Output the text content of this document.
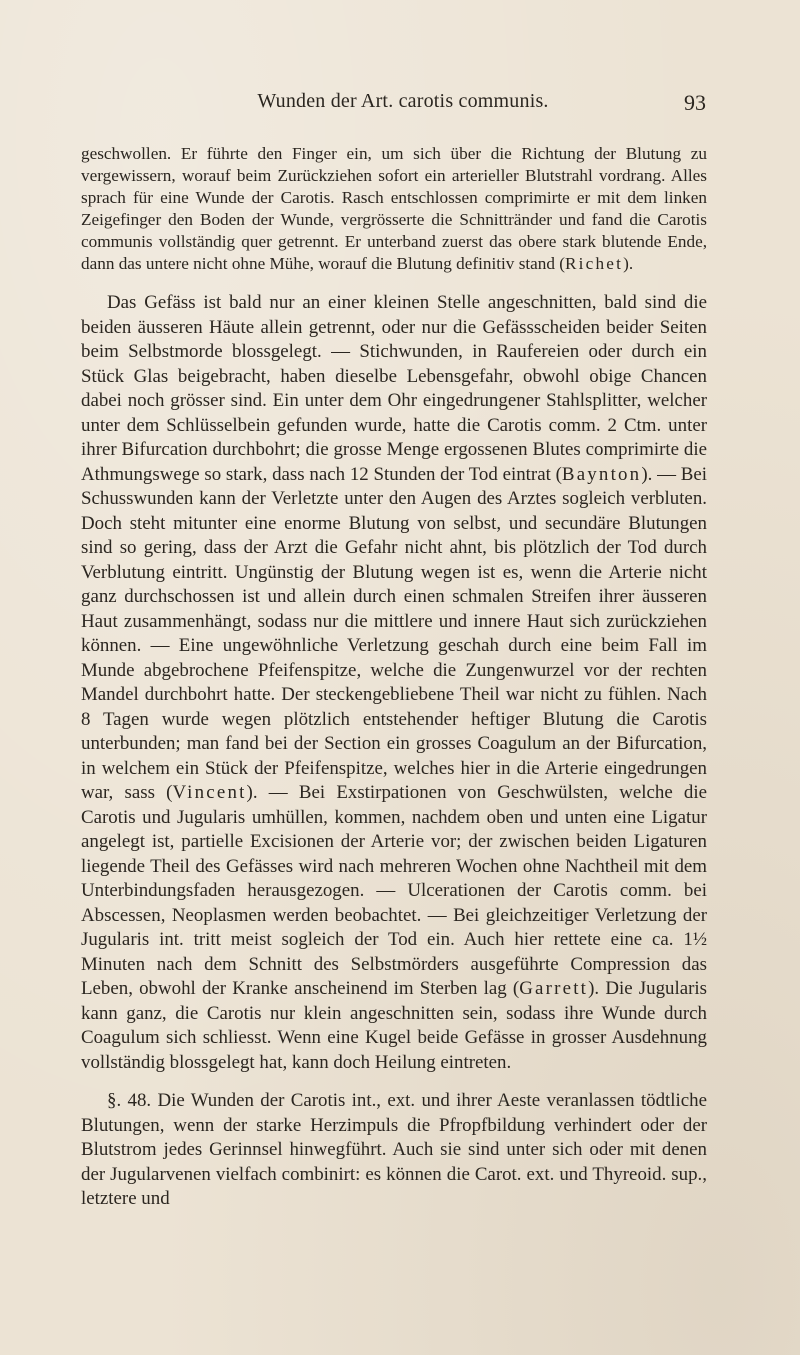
Wunden der Art. carotis communis.	93

geschwollen. Er führte den Finger ein, um sich über die Richtung der Blutung zu vergewissern, worauf beim Zurückziehen sofort ein arterieller Blutstrahl vordrang. Alles sprach für eine Wunde der Carotis. Rasch entschlossen comprimirte er mit dem linken Zeigefinger den Boden der Wunde, vergrösserte die Schnittränder und fand die Carotis communis vollständig quer getrennt. Er unterband zuerst das obere stark blutende Ende, dann das untere nicht ohne Mühe, worauf die Blutung definitiv stand (Richet).

Das Gefäss ist bald nur an einer kleinen Stelle angeschnitten, bald sind die beiden äusseren Häute allein getrennt, oder nur die Gefässscheiden beider Seiten beim Selbstmorde blossgelegt. — Stichwunden, in Raufereien oder durch ein Stück Glas beigebracht, haben dieselbe Lebensgefahr, obwohl obige Chancen dabei noch grösser sind. Ein unter dem Ohr eingedrungener Stahlsplitter, welcher unter dem Schlüsselbein gefunden wurde, hatte die Carotis comm. 2 Ctm. unter ihrer Bifurcation durchbohrt; die grosse Menge ergossenen Blutes comprimirte die Athmungswege so stark, dass nach 12 Stunden der Tod eintrat (Baynton). — Bei Schusswunden kann der Verletzte unter den Augen des Arztes sogleich verbluten. Doch steht mitunter eine enorme Blutung von selbst, und secundäre Blutungen sind so gering, dass der Arzt die Gefahr nicht ahnt, bis plötzlich der Tod durch Verblutung eintritt. Ungünstig der Blutung wegen ist es, wenn die Arterie nicht ganz durchschossen ist und allein durch einen schmalen Streifen ihrer äusseren Haut zusammenhängt, sodass nur die mittlere und innere Haut sich zurückziehen können. — Eine ungewöhnliche Verletzung geschah durch eine beim Fall im Munde abgebrochene Pfeifenspitze, welche die Zungenwurzel vor der rechten Mandel durchbohrt hatte. Der steckengebliebene Theil war nicht zu fühlen. Nach 8 Tagen wurde wegen plötzlich entstehender heftiger Blutung die Carotis unterbunden; man fand bei der Section ein grosses Coagulum an der Bifurcation, in welchem ein Stück der Pfeifenspitze, welches hier in die Arterie eingedrungen war, sass (Vincent). — Bei Exstirpationen von Geschwülsten, welche die Carotis und Jugularis umhüllen, kommen, nachdem oben und unten eine Ligatur angelegt ist, partielle Excisionen der Arterie vor; der zwischen beiden Ligaturen liegende Theil des Gefässes wird nach mehreren Wochen ohne Nachtheil mit dem Unterbindungsfaden herausgezogen. — Ulcerationen der Carotis comm. bei Abscessen, Neoplasmen werden beobachtet. — Bei gleichzeitiger Verletzung der Jugularis int. tritt meist sogleich der Tod ein. Auch hier rettete eine ca. 1½ Minuten nach dem Schnitt des Selbstmörders ausgeführte Compression das Leben, obwohl der Kranke anscheinend im Sterben lag (Garrett). Die Jugularis kann ganz, die Carotis nur klein angeschnitten sein, sodass ihre Wunde durch Coagulum sich schliesst. Wenn eine Kugel beide Gefässe in grosser Ausdehnung vollständig blossgelegt hat, kann doch Heilung eintreten.

§. 48. Die Wunden der Carotis int., ext. und ihrer Aeste veranlassen tödtliche Blutungen, wenn der starke Herzimpuls die Pfropfbildung verhindert oder der Blutstrom jedes Gerinnsel hinwegführt. Auch sie sind unter sich oder mit denen der Jugularvenen vielfach combinirt: es können die Carot. ext. und Thyreoid. sup., letztere und
